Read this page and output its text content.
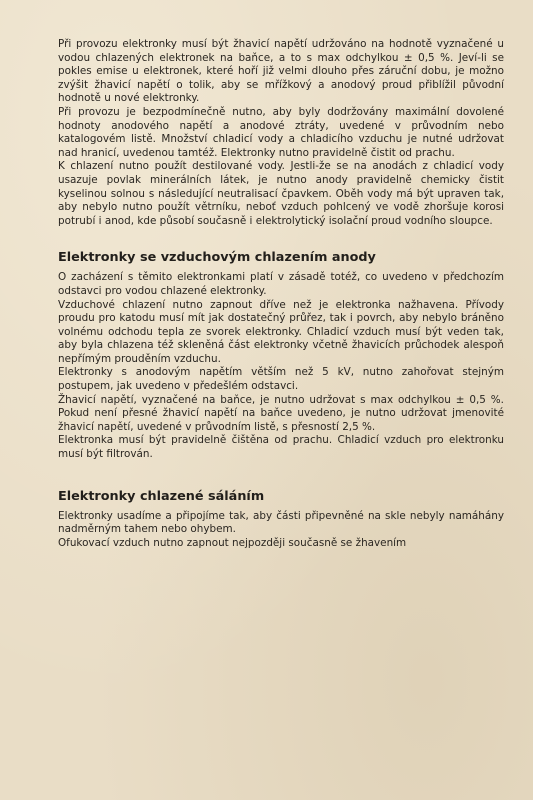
Při provozu elektronky musí být žhavicí napětí udržováno na hodnotě vyznačené u vodou chlazených elektronek na baňce, a to s max odchylkou ± 0,5 %. Jeví-li se pokles emise u elektronek, které hoří již velmi dlouho přes záruční dobu, je možno zvýšit žhavicí napětí o tolik, aby se mřížkový a anodový proud přiblížil původní hodnotě u nové elektronky.

Při provozu je bezpodmínečně nutno, aby byly dodržovány maximální dovolené hodnoty anodového napětí a anodové ztráty, uvedené v průvodním nebo katalogovém listě. Množství chladicí vody a chladicího vzduchu je nutné udržovat nad hranicí, uvedenou tamtéž. Elektronky nutno pravidelně čistit od prachu.

K chlazení nutno použít destilované vody. Jestli-že se na anodách z chladicí vody usazuje povlak minerálních látek, je nutno anody pravidelně chemicky čistit kyselinou solnou s následující neutralisací čpavkem. Oběh vody má být upraven tak, aby nebylo nutno použít větrníku, neboť vzduch pohlcený ve vodě zhoršuje korosi potrubí i anod, kde působí současně i elektrolytický isolační proud vodního sloupce.

Elektronky se vzduchovým chlazením anody

O zacházení s těmito elektronkami platí v zásadě totéž, co uvedeno v předchozím odstavci pro vodou chlazené elektronky.

Vzduchové chlazení nutno zapnout dříve než je elektronka nažhavena. Přívody proudu pro katodu musí mít jak dostatečný průřez, tak i povrch, aby nebylo bráněno volnému odchodu tepla ze svorek elektronky. Chladicí vzduch musí být veden tak, aby byla chlazena též skleněná část elektronky včetně žhavicích průchodek alespoň nepřímým prouděním vzduchu.

Elektronky s anodovým napětím větším než 5 kV, nutno zahořovat stejným postupem, jak uvedeno v předešlém odstavci.

Žhavicí napětí, vyznačené na baňce, je nutno udržovat s max odchylkou ± 0,5 %. Pokud není přesné žhavicí napětí na baňce uvedeno, je nutno udržovat jmenovité žhavicí napětí, uvedené v průvodním listě, s přesností 2,5 %.

Elektronka musí být pravidelně čištěna od prachu. Chladicí vzduch pro elektronku musí být filtrován.

Elektronky chlazené sáláním

Elektronky usadíme a připojíme tak, aby části připevněné na skle nebyly namáhány nadměrným tahem nebo ohybem.

Ofukovací vzduch nutno zapnout nejpozději současně se žhavením
